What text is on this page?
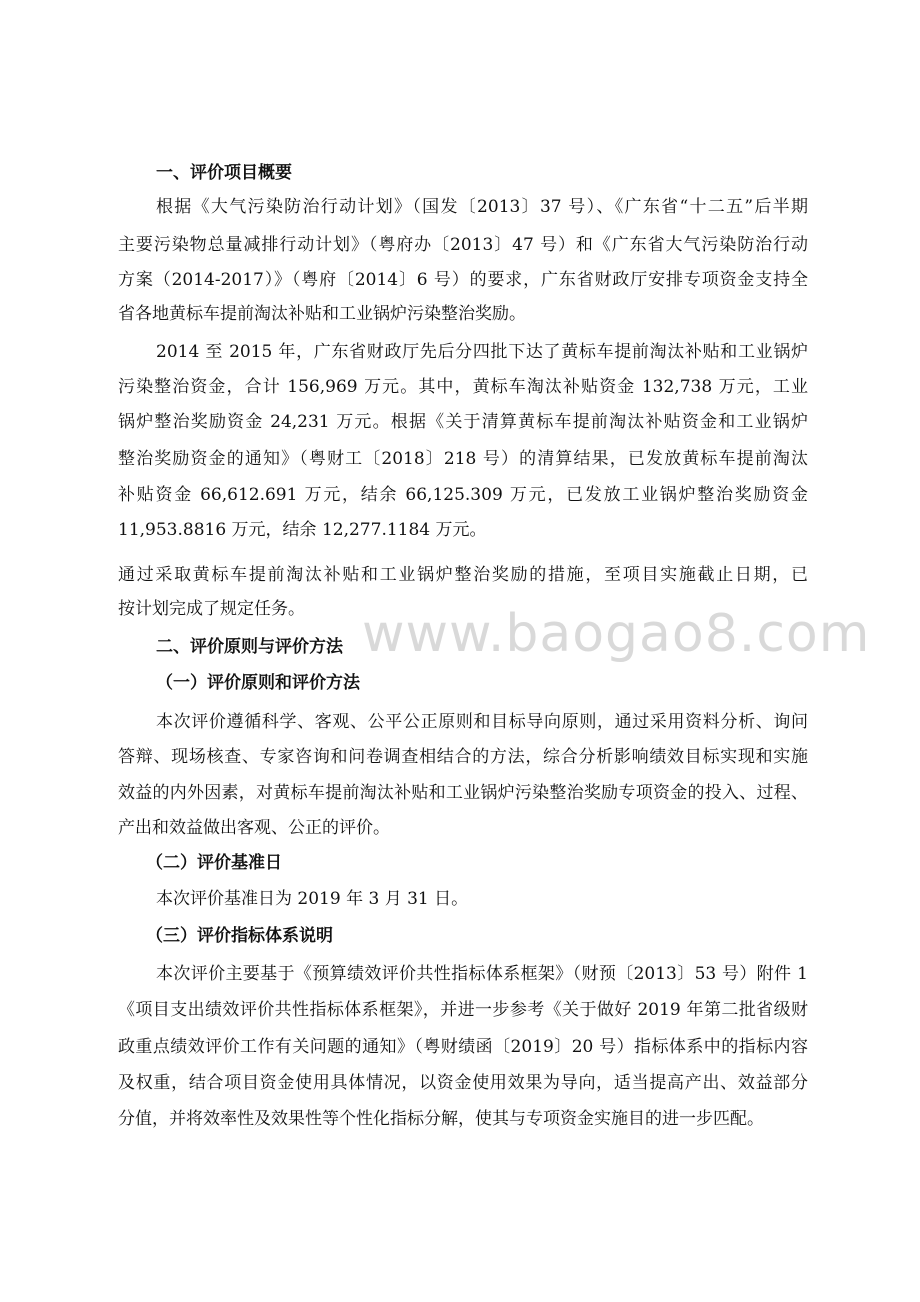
www.baogao8.com
一、评价项目概要
根据《大气污染防治行动计划》（国发〔2013〕37 号）、《广东省“十二五”后半期
主要污染物总量减排行动计划》（粤府办〔2013〕47 号）和《广东省大气污染防治行动
方案（2014-2017）》（粤府〔2014〕6 号）的要求，广东省财政厅安排专项资金支持全
省各地黄标车提前淘汰补贴和工业锅炉污染整治奖励。
2014 至 2015 年，广东省财政厅先后分四批下达了黄标车提前淘汰补贴和工业锅炉
污染整治资金，合计 156,969 万元。其中，黄标车淘汰补贴资金 132,738 万元，工业
锅炉整治奖励资金 24,231 万元。根据《关于清算黄标车提前淘汰补贴资金和工业锅炉
整治奖励资金的通知》（粤财工〔2018〕218 号）的清算结果，已发放黄标车提前淘汰
补贴资金 66,612.691 万元，结余 66,125.309 万元，已发放工业锅炉整治奖励资金
11,953.8816 万元，结余 12,277.1184 万元。
通过采取黄标车提前淘汰补贴和工业锅炉整治奖励的措施，至项目实施截止日期，已
按计划完成了规定任务。
二、评价原则与评价方法
（一）评价原则和评价方法
本次评价遵循科学、客观、公平公正原则和目标导向原则，通过采用资料分析、询问
答辩、现场核查、专家咨询和问卷调查相结合的方法，综合分析影响绩效目标实现和实施
效益的内外因素，对黄标车提前淘汰补贴和工业锅炉污染整治奖励专项资金的投入、过程、
产出和效益做出客观、公正的评价。
（二）评价基准日
本次评价基准日为 2019 年 3 月 31 日。
（三）评价指标体系说明
本次评价主要基于《预算绩效评价共性指标体系框架》（财预〔2013〕53 号）附件 1
《项目支出绩效评价共性指标体系框架》，并进一步参考《关于做好 2019 年第二批省级财
政重点绩效评价工作有关问题的通知》（粤财绩函〔2019〕20 号）指标体系中的指标内容
及权重，结合项目资金使用具体情况，以资金使用效果为导向，适当提高产出、效益部分
分值，并将效率性及效果性等个性化指标分解，使其与专项资金实施目的进一步匹配。
